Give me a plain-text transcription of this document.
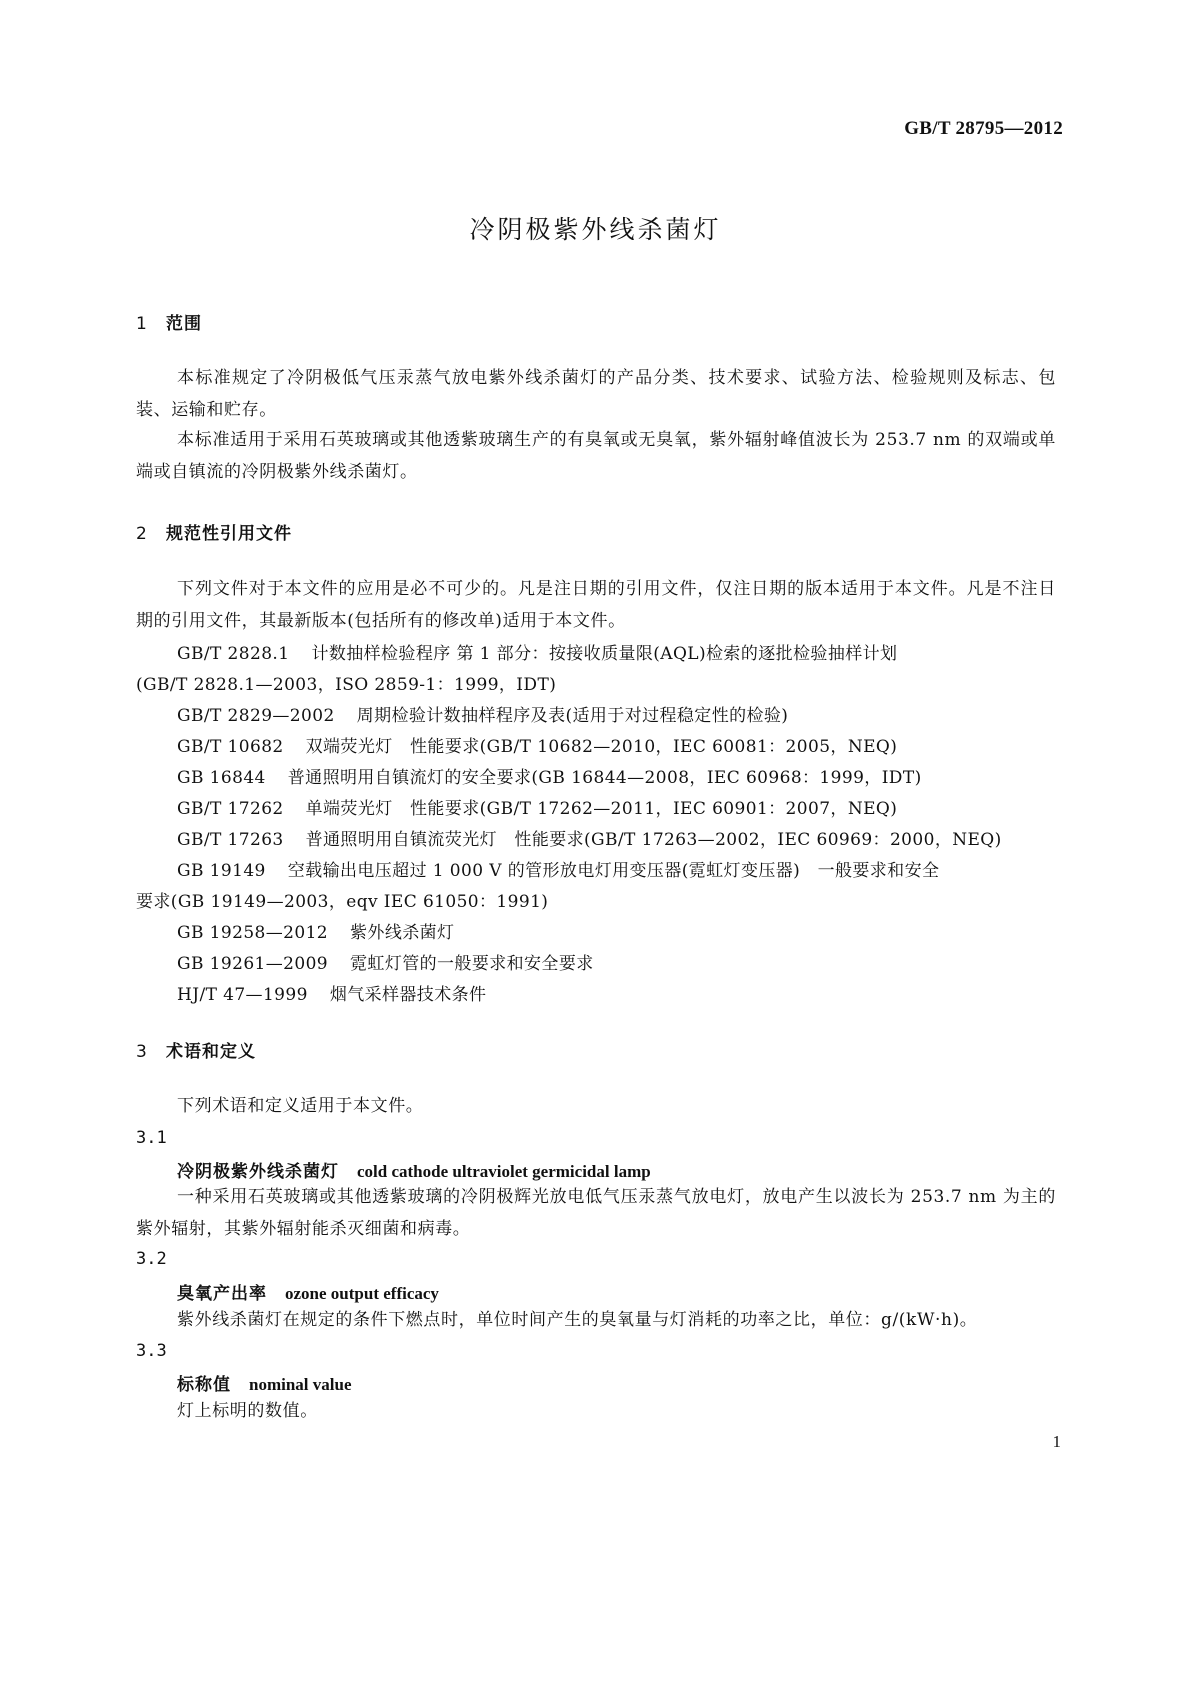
GB/T 28795—2012
冷阴极紫外线杀菌灯
1 范围
本标准规定了冷阴极低气压汞蒸气放电紫外线杀菌灯的产品分类、技术要求、试验方法、检验规则及标志、包装、运输和贮存。
本标准适用于采用石英玻璃或其他透紫玻璃生产的有臭氧或无臭氧，紫外辐射峰值波长为 253.7 nm 的双端或单端或自镇流的冷阴极紫外线杀菌灯。
2 规范性引用文件
下列文件对于本文件的应用是必不可少的。凡是注日期的引用文件，仅注日期的版本适用于本文件。凡是不注日期的引用文件，其最新版本(包括所有的修改单)适用于本文件。
GB/T 2828.1 计数抽样检验程序 第 1 部分：按接收质量限(AQL)检索的逐批检验抽样计划
(GB/T 2828.1—2003，ISO 2859-1：1999，IDT)
GB/T 2829—2002 周期检验计数抽样程序及表(适用于对过程稳定性的检验)
GB/T 10682 双端荧光灯　性能要求(GB/T 10682—2010，IEC 60081：2005，NEQ)
GB 16844 普通照明用自镇流灯的安全要求(GB 16844—2008，IEC 60968：1999，IDT)
GB/T 17262 单端荧光灯　性能要求(GB/T 17262—2011，IEC 60901：2007，NEQ)
GB/T 17263 普通照明用自镇流荧光灯　性能要求(GB/T 17263—2002，IEC 60969：2000，NEQ)
GB 19149 空载输出电压超过 1 000 V 的管形放电灯用变压器(霓虹灯变压器)　一般要求和安全
要求(GB 19149—2003，eqv IEC 61050：1991)
GB 19258—2012 紫外线杀菌灯
GB 19261—2009 霓虹灯管的一般要求和安全要求
HJ/T 47—1999 烟气采样器技术条件
3 术语和定义
下列术语和定义适用于本文件。
3.1
冷阴极紫外线杀菌灯 cold cathode ultraviolet germicidal lamp
一种采用石英玻璃或其他透紫玻璃的冷阴极辉光放电低气压汞蒸气放电灯，放电产生以波长为 253.7 nm 为主的紫外辐射，其紫外辐射能杀灭细菌和病毒。
3.2
臭氧产出率 ozone output efficacy
紫外线杀菌灯在规定的条件下燃点时，单位时间产生的臭氧量与灯消耗的功率之比，单位：g/(kW·h)。
3.3
标称值 nominal value
灯上标明的数值。
1
